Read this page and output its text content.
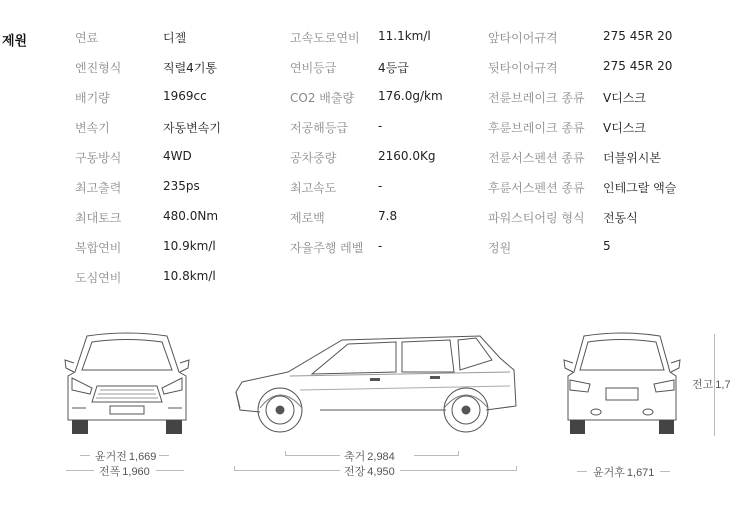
제원	연료	디젤
엔진형식	직렬4기통
배기량	1969cc
변속기	자동변속기
구동방식	4WD
최고출력	235ps
최대토크	480.0Nm
복합연비	10.9km/l
도심연비	10.8km/l
고속도로연비	11.1km/l
연비등급	4등급
CO2 배출량	176.0g/km
저공해등급	-
공차중량	2160.0Kg
최고속도	-
제로백	7.8
자율주행 레벨	-
앞타이어규격	275 45R 20
뒷타이어규격	275 45R 20
전륜브레이크 종류	V디스크
후륜브레이크 종류	V디스크
전륜서스펜션 종류	더블위시본
후륜서스펜션 종류	인테그랄 액슬
파워스티어링 형식	전동식
정원	5
전고 1,7
윤거전 1,669
전폭 1,960
축거 2,984
전장 4,950	윤거후 1,671
